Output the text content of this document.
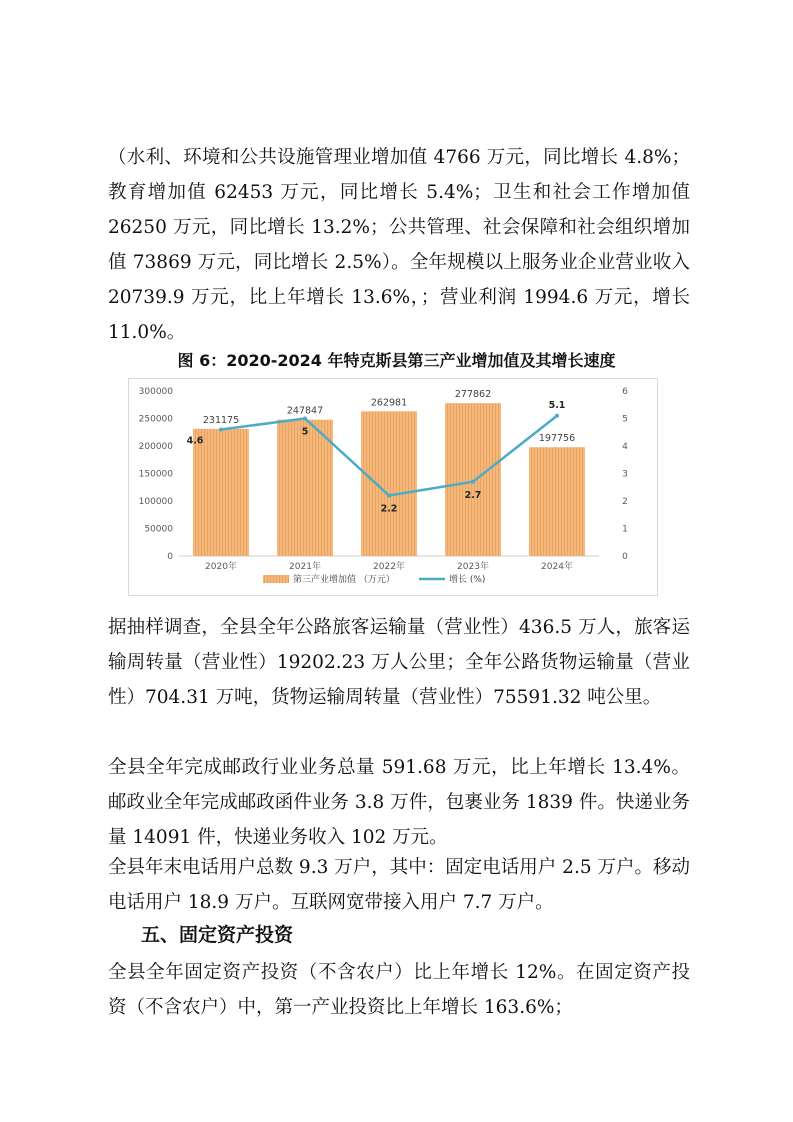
（水利、环境和公共设施管理业增加值 4766 万元，同比增长 4.8%；教育增加值 62453 万元，同比增长 5.4%；卫生和社会工作增加值 26250 万元，同比增长 13.2%；公共管理、社会保障和社会组织增加值 73869 万元，同比增长 2.5%）。全年规模以上服务业企业营业收入 20739.9 万元，比上年增长 13.6%，；营业利润 1994.6 万元，增长 11.0%。

图 6：2020-2024 年特克斯县第三产业增加值及其增长速度
0
50000
100000
150000
200000
250000
300000
0
1
2
3
4
5
6
231175
2020年
247847
2021年
262981
2022年
277862
2023年
197756
2024年
4.6
5
2.2
2.7
5.1
第三产业增加值 （万元）	增长 (%)

据抽样调查，全县全年公路旅客运输量（营业性）436.5 万人，旅客运输周转量（营业性）19202.23 万人公里；全年公路货物运输量（营业性）704.31 万吨，货物运输周转量（营业性）75591.32 吨公里。

全县全年完成邮政行业业务总量 591.68 万元，比上年增长 13.4%。邮政业全年完成邮政函件业务 3.8 万件，包裹业务 1839 件。快递业务量 14091 件，快递业务收入 102 万元。

全县年末电话用户总数 9.3 万户，其中：固定电话用户 2.5 万户。移动电话用户 18.9 万户。互联网宽带接入用户 7.7 万户。

五、固定资产投资

全县全年固定资产投资（不含农户）比上年增长 12%。在固定资产投资（不含农户）中，第一产业投资比上年增长 163.6%；
